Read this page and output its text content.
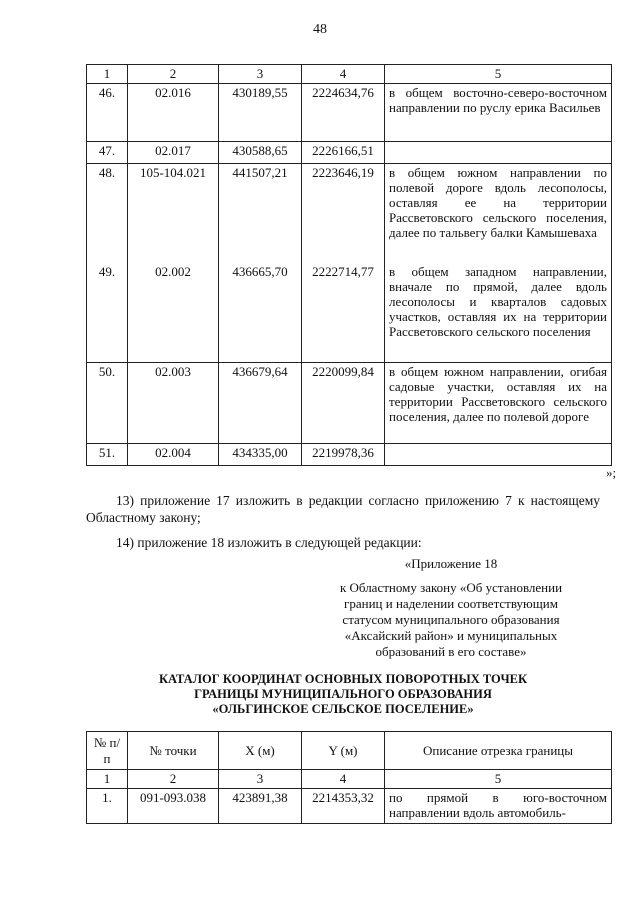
48
1	2	3	4	5
46.	02.016	430189,55	2224634,76	в общем восточно-северо-восточном направлении по руслу ерика Васильев
47.	02.017	430588,65	2226166,51	
48.	105-104.021	441507,21	2223646,19	в общем южном направлении по полевой дороге вдоль лесополосы, оставляя ее на территории Рассветовского сельского поселения, далее по тальвегу балки Камышеваха
49.	02.002	436665,70	2222714,77	в общем западном направлении, вначале по прямой, далее вдоль лесополосы и кварталов садовых участков, оставляя их на территории Рассветовского сельского поселения
50.	02.003	436679,64	2220099,84	в общем южном направлении, огибая садовые участки, оставляя их на территории Рассветовского сельского поселения, далее по полевой дороге
51.	02.004	434335,00	2219978,36	
»;
13) приложение 17 изложить в редакции согласно приложению 7 к настоящему Областному закону;
14) приложение 18 изложить в следующей редакции:
«Приложение 18
к Областному закону «Об установлении
границ и наделении соответствующим
статусом муниципального образования
«Аксайский район» и муниципальных
образований в его составе»
КАТАЛОГ КООРДИНАТ ОСНОВНЫХ ПОВОРОТНЫХ ТОЧЕК
ГРАНИЦЫ МУНИЦИПАЛЬНОГО ОБРАЗОВАНИЯ
«ОЛЬГИНСКОЕ СЕЛЬСКОЕ ПОСЕЛЕНИЕ»
№ п/п	№ точки	X (м)	Y (м)	Описание отрезка границы
1	2	3	4	5
1.	091-093.038	423891,38	2214353,32	по прямой в юго-восточном направлении вдоль автомобиль-
